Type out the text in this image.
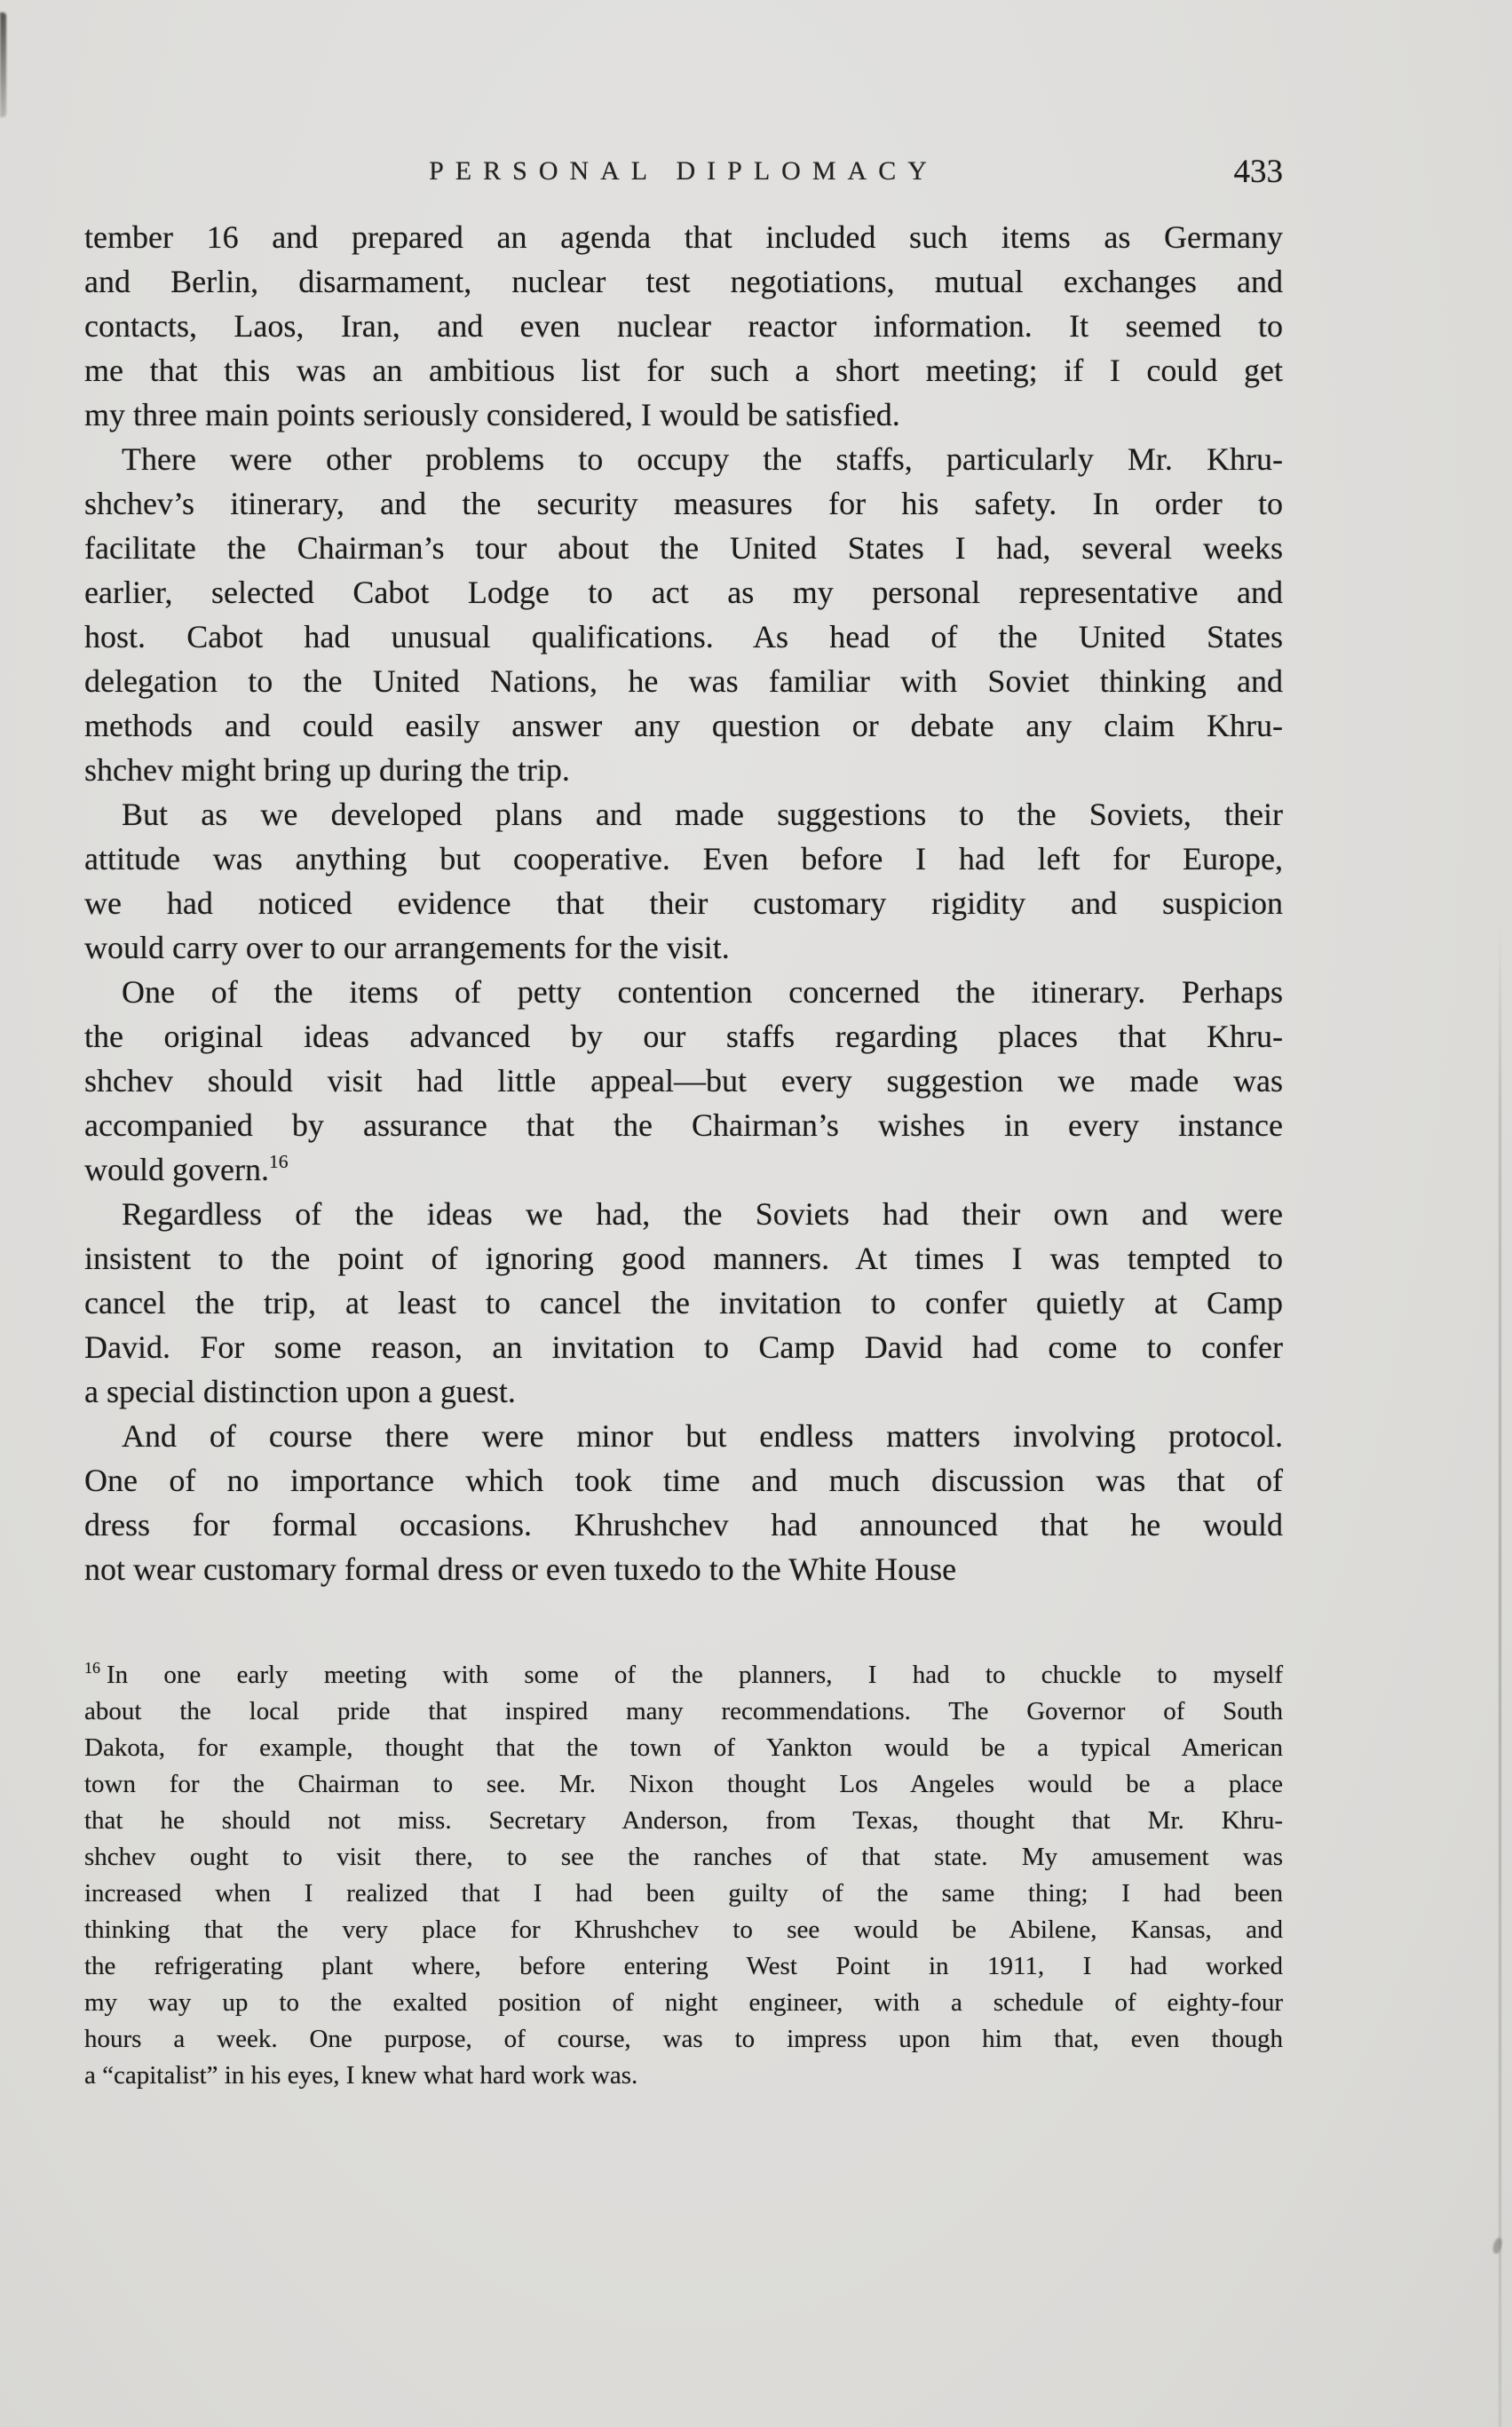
PERSONAL DIPLOMACY	433
tember 16 and prepared an agenda that included such items as Germany
and Berlin, disarmament, nuclear test negotiations, mutual exchanges and
contacts, Laos, Iran, and even nuclear reactor information. It seemed to
me that this was an ambitious list for such a short meeting; if I could get
my three main points seriously considered, I would be satisfied.
There were other problems to occupy the staffs, particularly Mr. Khru-
shchev’s itinerary, and the security measures for his safety. In order to
facilitate the Chairman’s tour about the United States I had, several weeks
earlier, selected Cabot Lodge to act as my personal representative and
host. Cabot had unusual qualifications. As head of the United States
delegation to the United Nations, he was familiar with Soviet thinking and
methods and could easily answer any question or debate any claim Khru-
shchev might bring up during the trip.
But as we developed plans and made suggestions to the Soviets, their
attitude was anything but cooperative. Even before I had left for Europe,
we had noticed evidence that their customary rigidity and suspicion
would carry over to our arrangements for the visit.
One of the items of petty contention concerned the itinerary. Perhaps
the original ideas advanced by our staffs regarding places that Khru-
shchev should visit had little appeal—but every suggestion we made was
accompanied by assurance that the Chairman’s wishes in every instance
would govern.$^{16}$
Regardless of the ideas we had, the Soviets had their own and were
insistent to the point of ignoring good manners. At times I was tempted to
cancel the trip, at least to cancel the invitation to confer quietly at Camp
David. For some reason, an invitation to Camp David had come to confer
a special distinction upon a guest.
And of course there were minor but endless matters involving protocol.
One of no importance which took time and much discussion was that of
dress for formal occasions. Khrushchev had announced that he would
not wear customary formal dress or even tuxedo to the White House
$^{16}$ In one early meeting with some of the planners, I had to chuckle to myself
about the local pride that inspired many recommendations. The Governor of South
Dakota, for example, thought that the town of Yankton would be a typical American
town for the Chairman to see. Mr. Nixon thought Los Angeles would be a place
that he should not miss. Secretary Anderson, from Texas, thought that Mr. Khru-
shchev ought to visit there, to see the ranches of that state. My amusement was
increased when I realized that I had been guilty of the same thing; I had been
thinking that the very place for Khrushchev to see would be Abilene, Kansas, and
the refrigerating plant where, before entering West Point in 1911, I had worked
my way up to the exalted position of night engineer, with a schedule of eighty-four
hours a week. One purpose, of course, was to impress upon him that, even though
a “capitalist” in his eyes, I knew what hard work was.
